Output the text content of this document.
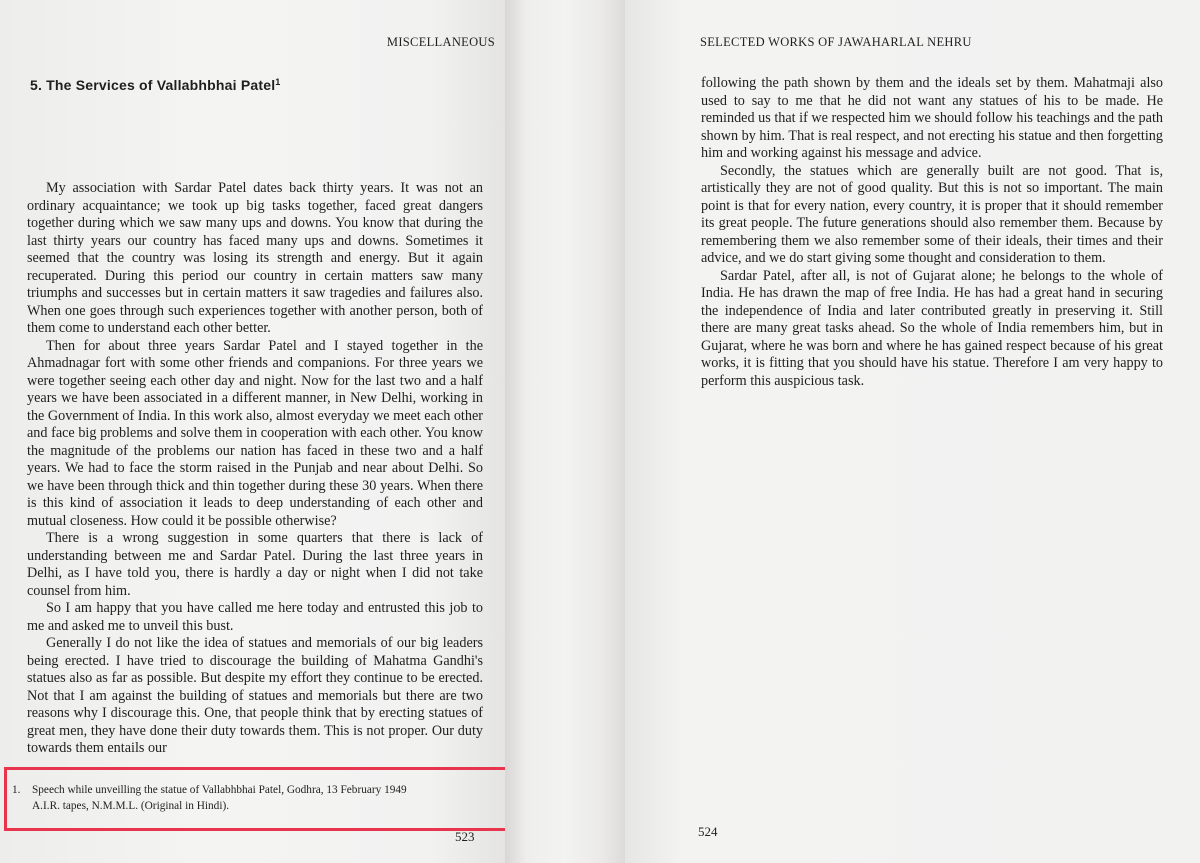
MISCELLANEOUS
5. The Services of Vallabhbhai Patel$^1$

My association with Sardar Patel dates back thirty years. It was not an ordinary acquaintance; we took up big tasks together, faced great dangers together during which we saw many ups and downs. You know that during the last thirty years our country has faced many ups and downs. Sometimes it seemed that the country was losing its strength and energy. But it again recuperated. During this period our country in certain matters saw many triumphs and successes but in certain matters it saw tragedies and failures also. When one goes through such experiences together with another person, both of them come to understand each other better.

Then for about three years Sardar Patel and I stayed together in the Ahmadnagar fort with some other friends and companions. For three years we were together seeing each other day and night. Now for the last two and a half years we have been associated in a different manner, in New Delhi, working in the Government of India. In this work also, almost everyday we meet each other and face big problems and solve them in cooperation with each other. You know the magnitude of the problems our nation has faced in these two and a half years. We had to face the storm raised in the Punjab and near about Delhi. So we have been through thick and thin together during these 30 years. When there is this kind of association it leads to deep understanding of each other and mutual closeness. How could it be possible otherwise?

There is a wrong suggestion in some quarters that there is lack of understanding between me and Sardar Patel. During the last three years in Delhi, as I have told you, there is hardly a day or night when I did not take counsel from him.

So I am happy that you have called me here today and entrusted this job to me and asked me to unveil this bust.

Generally I do not like the idea of statues and memorials of our big leaders being erected. I have tried to discourage the building of Mahatma Gandhi's statues also as far as possible. But despite my effort they continue to be erected. Not that I am against the building of statues and memorials but there are two reasons why I discourage this. One, that people think that by erecting statues of great men, they have done their duty towards them. This is not proper. Our duty towards them entails our

1. Speech while unveilling the statue of Vallabhbhai Patel, Godhra, 13 February 1949
A.I.R. tapes, N.M.M.L. (Original in Hindi).
523
SELECTED WORKS OF JAWAHARLAL NEHRU

following the path shown by them and the ideals set by them. Mahatmaji also used to say to me that he did not want any statues of his to be made. He reminded us that if we respected him we should follow his teachings and the path shown by him. That is real respect, and not erecting his statue and then forgetting him and working against his message and advice.

Secondly, the statues which are generally built are not good. That is, artistically they are not of good quality. But this is not so important. The main point is that for every nation, every country, it is proper that it should remember its great people. The future generations should also remember them. Because by remembering them we also remember some of their ideals, their times and their advice, and we do start giving some thought and consideration to them.

Sardar Patel, after all, is not of Gujarat alone; he belongs to the whole of India. He has drawn the map of free India. He has had a great hand in securing the independence of India and later contributed greatly in preserving it. Still there are many great tasks ahead. So the whole of India remembers him, but in Gujarat, where he was born and where he has gained respect because of his great works, it is fitting that you should have his statue. Therefore I am very happy to perform this auspicious task.

524
